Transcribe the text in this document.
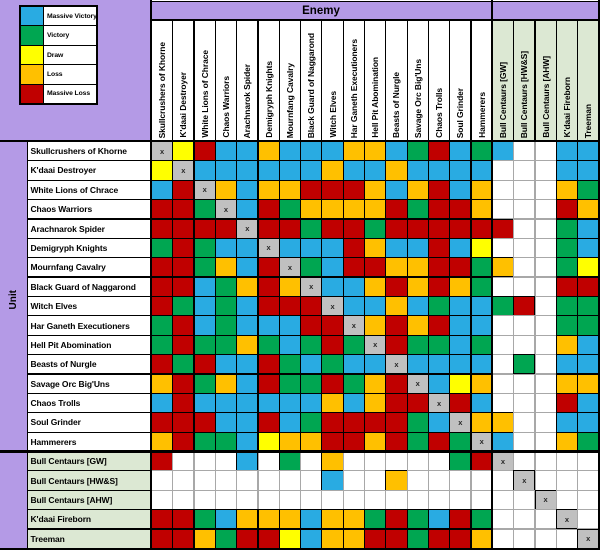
Unit
Massive Victory
Victory
Draw
Loss
Massive Loss
Enemy
Skullcrushers of Khorne K'daai Destroyer White Lions of Chrace Chaos Warriors Arachnarok Spider Demigryph Knights Mournfang Cavalry Black Guard of Naggarond Witch Elves Har Ganeth Executioners Hell Pit Abomination Beasts of Nurgle Savage Orc Big'Uns Chaos Trolls Soul Grinder Hammerers Bull Centaurs [GW] Bull Centaurs [HW&S] Bull Centaurs [AHW] K'daai Fireborn Treeman
Skullcrushers of Khorne
K'daai Destroyer
White Lions of Chrace
Chaos Warriors
Arachnarok Spider
Demigryph Knights
Mournfang Cavalry
Black Guard of Naggarond
Witch Elves
Har Ganeth Executioners
Hell Pit Abomination
Beasts of Nurgle
Savage Orc Big'Uns
Chaos Trolls
Soul Grinder
Hammerers
Bull Centaurs [GW]
Bull Centaurs [HW&S]
Bull Centaurs [AHW]
K'daai Fireborn
Treeman
x
x
x
x
x
x
x
x
x
x
x
x
x
x
x
x
x
x
x
x
x
